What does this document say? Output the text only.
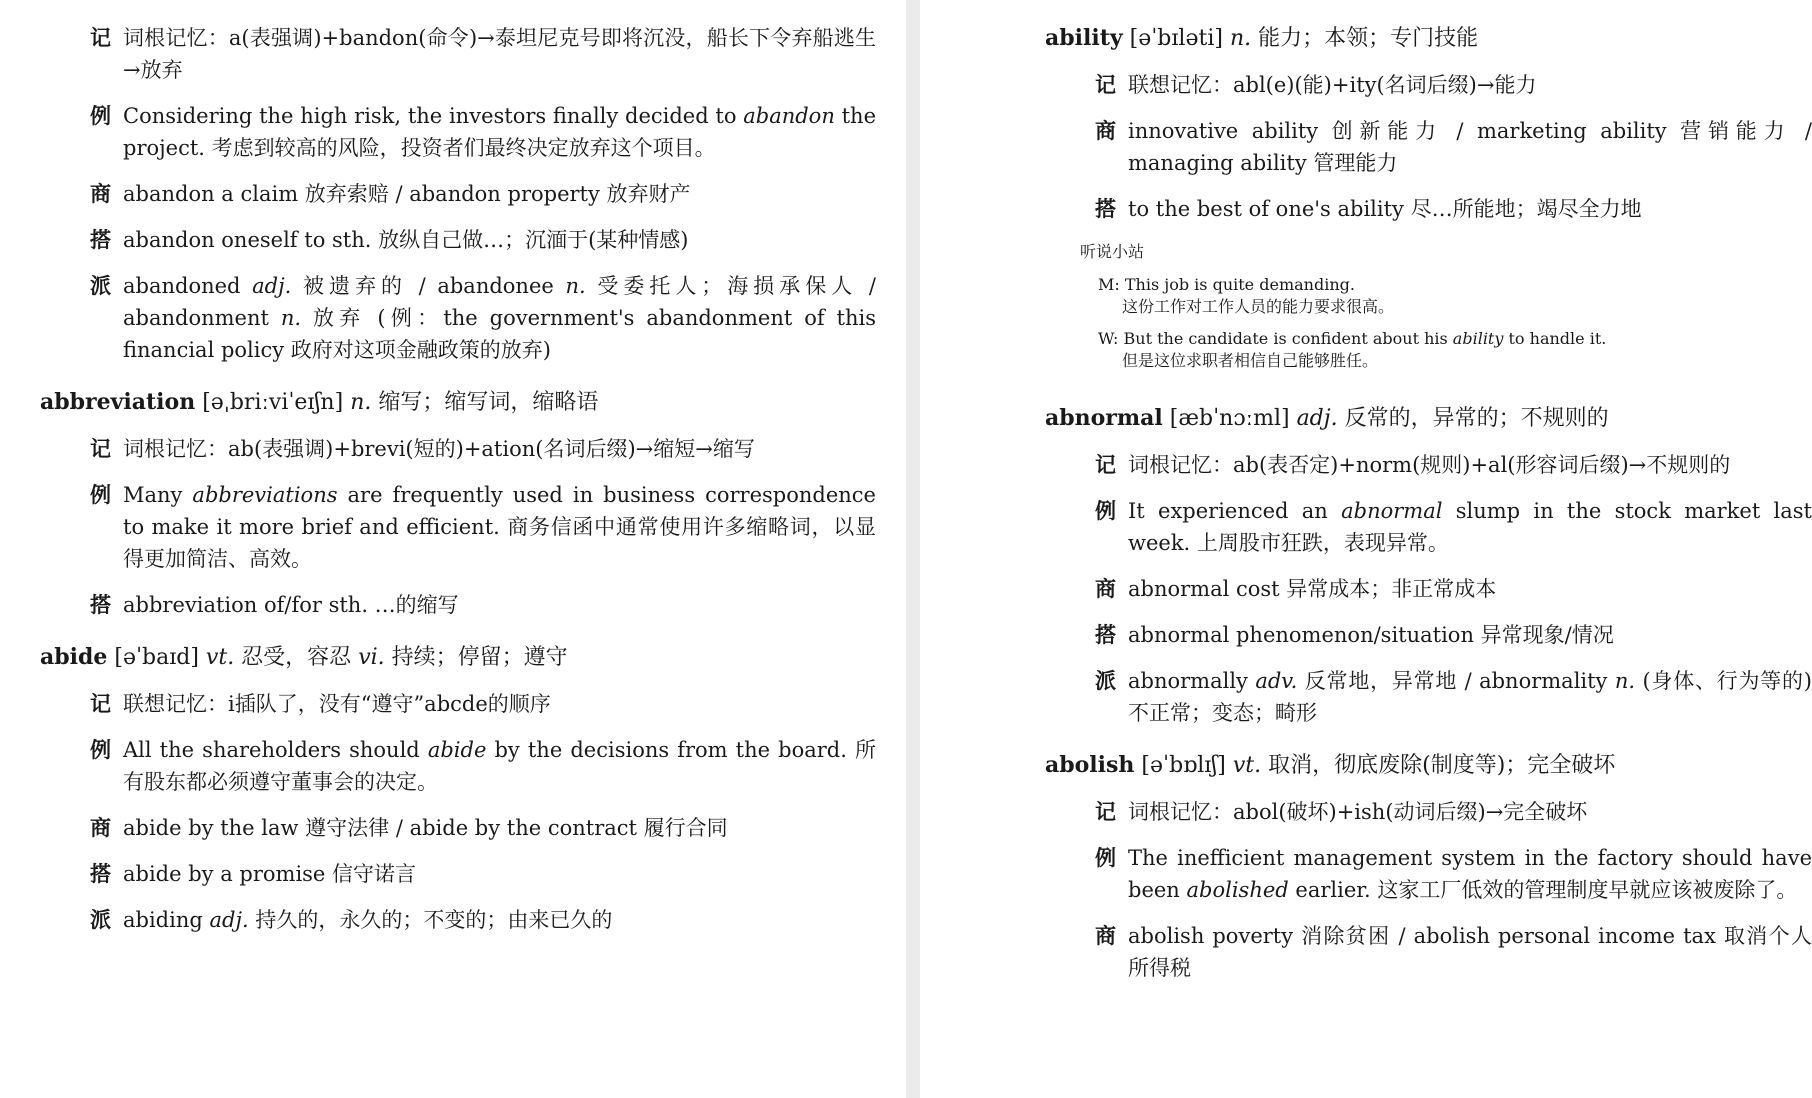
记 词根记忆：a(表强调)+bandon(命令)→泰坦尼克号即将沉没，船长下令弃船逃生→放弃
例 Considering the high risk, the investors finally decided to abandon the project. 考虑到较高的风险，投资者们最终决定放弃这个项目。
商 abandon a claim 放弃索赔 / abandon property 放弃财产
搭 abandon oneself to sth. 放纵自己做…；沉湎于(某种情感)
派 abandoned adj. 被遗弃的 / abandonee n. 受委托人；海损承保人 / abandonment n. 放弃 (例：the government's abandonment of this financial policy 政府对这项金融政策的放弃)
abbreviation [əˌbriːviˈeɪʃn] n. 缩写；缩写词，缩略语
记 词根记忆：ab(表强调)+brevi(短的)+ation(名词后缀)→缩短→缩写
例 Many abbreviations are frequently used in business correspondence to make it more brief and efficient. 商务信函中通常使用许多缩略词，以显得更加简洁、高效。
搭 abbreviation of/for sth. …的缩写
abide [əˈbaɪd] vt. 忍受，容忍 vi. 持续；停留；遵守
记 联想记忆：i插队了，没有“遵守”abcde的顺序
例 All the shareholders should abide by the decisions from the board. 所有股东都必须遵守董事会的决定。
商 abide by the law 遵守法律 / abide by the contract 履行合同
搭 abide by a promise 信守诺言
派 abiding adj. 持久的，永久的；不变的；由来已久的
ability [əˈbɪləti] n. 能力；本领；专门技能
记 联想记忆：abl(e)(能)+ity(名词后缀)→能力
商 innovative ability 创新能力 / marketing ability 营销能力 / managing ability 管理能力
搭 to the best of one's ability 尽…所能地；竭尽全力地
听说小站
M: This job is quite demanding.
这份工作对工作人员的能力要求很高。
W: But the candidate is confident about his ability to handle it.
但是这位求职者相信自己能够胜任。
abnormal [æbˈnɔːml] adj. 反常的，异常的；不规则的
记 词根记忆：ab(表否定)+norm(规则)+al(形容词后缀)→不规则的
例 It experienced an abnormal slump in the stock market last week. 上周股市狂跌，表现异常。
商 abnormal cost 异常成本；非正常成本
搭 abnormal phenomenon/situation 异常现象/情况
派 abnormally adv. 反常地，异常地 / abnormality n. (身体、行为等的)不正常；变态；畸形
abolish [əˈbɒlɪʃ] vt. 取消，彻底废除(制度等)；完全破坏
记 词根记忆：abol(破坏)+ish(动词后缀)→完全破坏
例 The inefficient management system in the factory should have been abolished earlier. 这家工厂低效的管理制度早就应该被废除了。
商 abolish poverty 消除贫困 / abolish personal income tax 取消个人所得税
